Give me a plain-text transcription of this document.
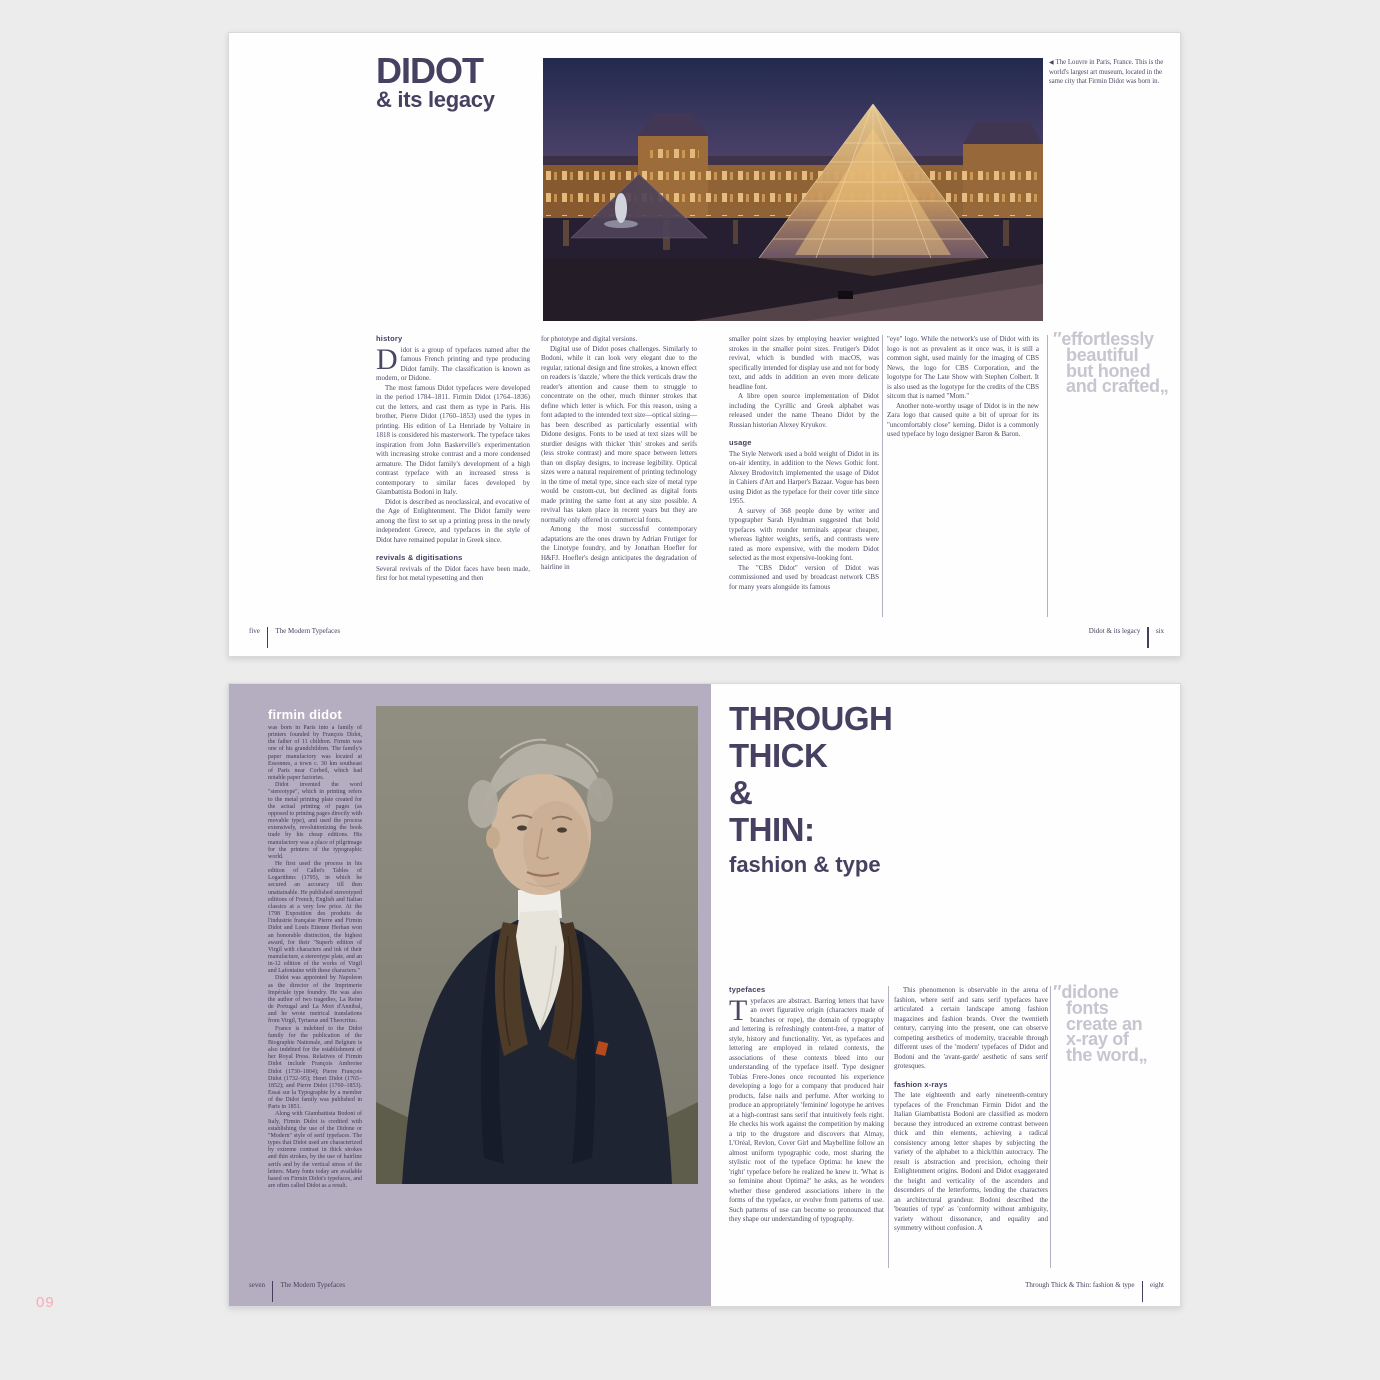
DIDOT
& its legacy
◀ The Louvre in Paris, France. This is the world's largest art museum, located in the same city that Firmin Didot was born in.
history

Didot is a group of typefaces named after the famous French printing and type producing Didot family. The classification is known as modern, or Didone.

The most famous Didot typefaces were developed in the period 1784–1811. Firmin Didot (1764–1836) cut the letters, and cast them as type in Paris. His brother, Pierre Didot (1760–1853) used the types in printing. His edition of La Henriade by Voltaire in 1818 is considered his masterwork. The typeface takes inspiration from John Baskerville's experimentation with increasing stroke contrast and a more condensed armature. The Didot family's development of a high contrast typeface with an increased stress is contemporary to similar faces developed by Giambattista Bodoni in Italy.

Didot is described as neoclassical, and evocative of the Age of Enlightenment. The Didot family were among the first to set up a printing press in the newly independent Greece, and typefaces in the style of Didot have remained popular in Greek since.

revivals & digitisations

Several revivals of the Didot faces have been made, first for hot metal typesetting and then

for phototype and digital versions.

Digital use of Didot poses challenges. Similarly to Bodoni, while it can look very elegant due to the regular, rational design and fine strokes, a known effect on readers is 'dazzle,' where the thick verticals draw the reader's attention and cause them to struggle to concentrate on the other, much thinner strokes that define which letter is which. For this reason, using a font adapted to the intended text size—optical sizing—has been described as particularly essential with Didone designs. Fonts to be used at text sizes will be sturdier designs with thicker 'thin' strokes and serifs (less stroke contrast) and more space between letters than on display designs, to increase legibility. Optical sizes were a natural requirement of printing technology in the time of metal type, since each size of metal type would be custom-cut, but declined as digital fonts made printing the same font at any size possible. A revival has taken place in recent years but they are normally only offered in commercial fonts.

Among the most successful contemporary adaptations are the ones drawn by Adrian Frutiger for the Linotype foundry, and by Jonathan Hoefler for H&FJ. Hoefler's design anticipates the degradation of hairline in

smaller point sizes by employing heavier weighted strokes in the smaller point sizes. Frutiger's Didot revival, which is bundled with macOS, was specifically intended for display use and not for body text, and adds in addition an even more delicate headline font.

A libre open source implementation of Didot including the Cyrillic and Greek alphabet was released under the name Theano Didot by the Russian historian Alexey Kryukov.

usage

The Style Network used a bold weight of Didot in its on-air identity, in addition to the News Gothic font. Alexey Brodovitch implemented the usage of Didot in Cahiers d'Art and Harper's Bazaar. Vogue has been using Didot as the typeface for their cover title since 1955.

A survey of 368 people done by writer and typographer Sarah Hyndman suggested that bold typefaces with rounder terminals appear cheaper, whereas lighter weights, serifs, and contrasts were rated as more expensive, with the modern Didot selected as the most expensive-looking font.

The "CBS Didot" version of Didot was commissioned and used by broadcast network CBS for many years alongside its famous

"eye" logo. While the network's use of Didot with its logo is not as prevalent as it once was, it is still a common sight, used mainly for the imaging of CBS News, the logo for CBS Corporation, and the logotype for The Late Show with Stephen Colbert. It is also used as the logotype for the credits of the CBS sitcom that is named "Mom."

Another note-worthy usage of Didot is in the new Zara logo that caused quite a bit of uproar for its "uncomfortably close" kerning. Didot is a commonly used typeface by logo designer Baron & Baron.

″effortlessly
beautiful
but honed
and crafted„
five The Modern Typefaces	Didot & its legacy six
firmin didot

was born in Paris into a family of printers founded by François Didot, the father of 11 children. Firmin was one of his grandchildren. The family's paper manufactory was located at Essonnes, a town c. 30 km southeast of Paris near Corbeil, which had notable paper factories.

Didot invented the word "stereotype", which in printing refers to the metal printing plate created for the actual printing of pages (as opposed to printing pages directly with movable type), and used the process extensively, revolutionizing the book trade by his cheap editions. His manufactory was a place of pilgrimage for the printers of the typographic world.

He first used the process in his edition of Callet's Tables of Logarithms (1795), in which he secured an accuracy till then unattainable. He published stereotyped editions of French, English and Italian classics at a very low price. At the 1798 Exposition des produits de l'industrie française Pierre and Firmin Didot and Louis Etienne Herhan won an honorable distinction, the highest award, for their "Superb edition of Virgil with characters and ink of their manufacture, a stereotype plate, and an in-12 edition of the works of Virgil and Lafontaine with these characters."

Didot was appointed by Napoleon as the director of the Imprimerie Impériale type foundry. He was also the author of two tragedies, La Reine de Portugal and La Mort d'Annibal, and he wrote metrical translations from Virgil, Tyrtaeus and Theocritus.

France is indebted to the Didot family for the publication of the Biographie Nationale, and Belgium is also indebted for the establishment of her Royal Press. Relatives of Firmin Didot include François Ambroise Didot (1730–1804); Pierre François Didot (1732–95); Henri Didot (1765–1852); and Pierre Didot (1760–1853). Essai sur la Typographie by a member of the Didot family was published in Paris in 1851.

Along with Giambattista Bodoni of Italy, Firmin Didot is credited with establishing the use of the Didone or "Modern" style of serif typefaces. The types that Didot used are characterized by extreme contrast in thick strokes and thin strokes, by the use of hairline serifs and by the vertical stress of the letters. Many fonts today are available based on Firmin Didot's typefaces, and are often called Didot as a result.

THROUGH
THICK
&
THIN:
fashion & type
typefaces

Typefaces are abstract. Barring letters that have an overt figurative origin (characters made of branches or rope), the domain of typography and lettering is refreshingly content-free, a matter of style, history and functionality. Yet, as typefaces and lettering are employed in related contexts, the associations of these contexts bleed into our understanding of the typeface itself. Type designer Tobias Frere-Jones once recounted his experience developing a logo for a company that produced hair products, false nails and perfume. After working to produce an appropriately 'feminine' logotype he arrives at a high-contrast sans serif that intuitively feels right. He checks his work against the competition by making a trip to the drugstore and discovers that Almay, L'Oréal, Revlon, Cover Girl and Maybelline follow an almost uniform typographic code, most sharing the stylistic root of the typeface Optima: he knew the 'right' typeface before he realized he knew it. 'What is so feminine about Optima?' he asks, as he wonders whether these gendered associations inhere in the forms of the typeface, or evolve from patterns of use. Such patterns of use can become so pronounced that they shape our understanding of typography.

This phenomenon is observable in the arena of fashion, where serif and sans serif typefaces have articulated a certain landscape among fashion magazines and fashion brands. Over the twentieth century, carrying into the present, one can observe competing aesthetics of modernity, traceable through different uses of the 'modern' typefaces of Didot and Bodoni and the 'avant-garde' aesthetic of sans serif grotesques.

fashion x-rays

The late eighteenth and early nineteenth-century typefaces of the Frenchman Firmin Didot and the Italian Giambattista Bodoni are classified as modern because they introduced an extreme contrast between thick and thin elements, achieving a radical consistency among letter shapes by subjecting the variety of the alphabet to a thick/thin autocracy. The result is abstraction and precision, echoing their Enlightenment origins. Bodoni and Didot exaggerated the height and verticality of the ascenders and descenders of the letterforms, lending the characters an architectural grandeur. Bodoni described the 'beauties of type' as 'conformity without ambiguity, variety without dissonance, and equality and symmetry without confusion. A

″didone
fonts
create an
x-ray of
the word„
seven The Modern Typefaces	Through Thick & Thin: fashion & type eight
09
